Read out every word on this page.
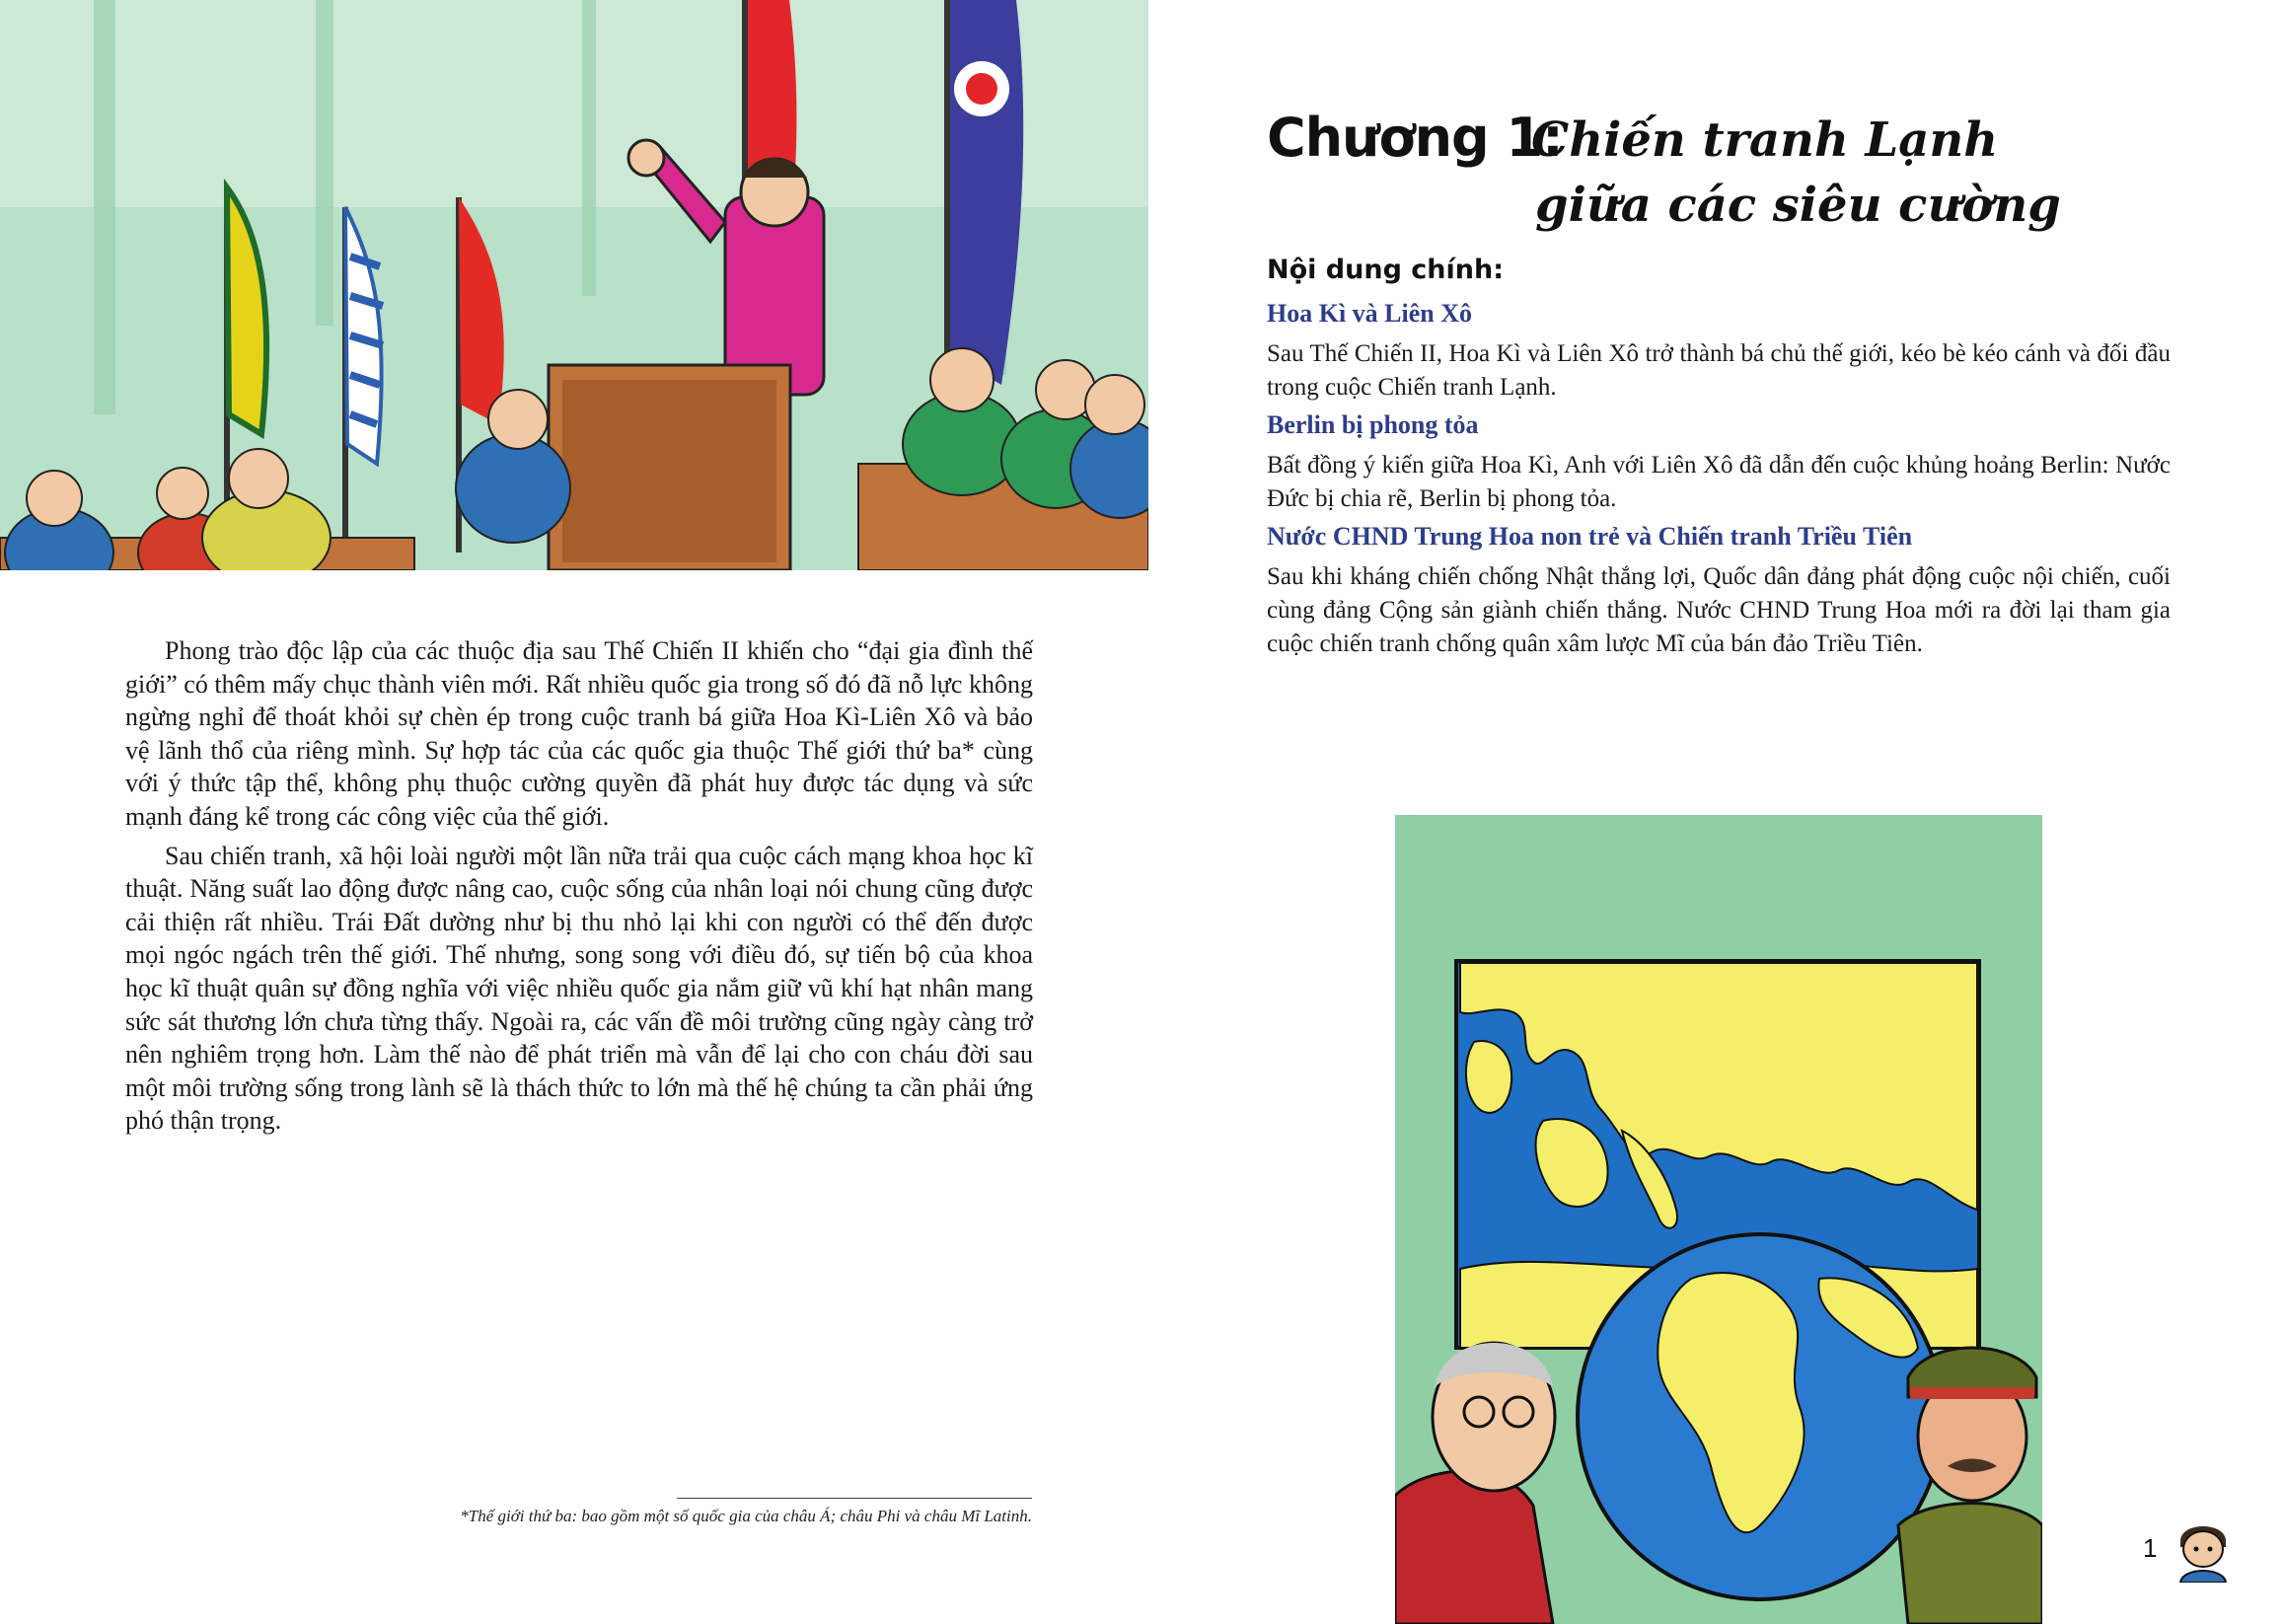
Phong trào độc lập của các thuộc địa sau Thế Chiến II khiến cho “đại gia đình thế giới” có thêm mấy chục thành viên mới. Rất nhiều quốc gia trong số đó đã nỗ lực không ngừng nghỉ để thoát khỏi sự chèn ép trong cuộc tranh bá giữa Hoa Kì-Liên Xô và bảo vệ lãnh thổ của riêng mình. Sự hợp tác của các quốc gia thuộc Thế giới thứ ba* cùng với ý thức tập thể, không phụ thuộc cường quyền đã phát huy được tác dụng và sức mạnh đáng kể trong các công việc của thế giới.

Sau chiến tranh, xã hội loài người một lần nữa trải qua cuộc cách mạng khoa học kĩ thuật. Năng suất lao động được nâng cao, cuộc sống của nhân loại nói chung cũng được cải thiện rất nhiều. Trái Đất dường như bị thu nhỏ lại khi con người có thể đến được mọi ngóc ngách trên thế giới. Thế nhưng, song song với điều đó, sự tiến bộ của khoa học kĩ thuật quân sự đồng nghĩa với việc nhiều quốc gia nắm giữ vũ khí hạt nhân mang sức sát thương lớn chưa từng thấy. Ngoài ra, các vấn đề môi trường cũng ngày càng trở nên nghiêm trọng hơn. Làm thế nào để phát triển mà vẫn để lại cho con cháu đời sau một môi trường sống trong lành sẽ là thách thức to lớn mà thế hệ chúng ta cần phải ứng phó thận trọng.

*Thế giới thứ ba: bao gồm một số quốc gia của châu Á; châu Phi và châu Mĩ Latinh.
Chương 1:
Chiến tranh Lạnh
giữa các siêu cường
Nội dung chính:
Hoa Kì và Liên Xô

Sau Thế Chiến II, Hoa Kì và Liên Xô trở thành bá chủ thế giới, kéo bè kéo cánh và đối đầu trong cuộc Chiến tranh Lạnh.

Berlin bị phong tỏa

Bất đồng ý kiến giữa Hoa Kì, Anh với Liên Xô đã dẫn đến cuộc khủng hoảng Berlin: Nước Đức bị chia rẽ, Berlin bị phong tỏa.

Nước CHND Trung Hoa non trẻ và Chiến tranh Triều Tiên

Sau khi kháng chiến chống Nhật thắng lợi, Quốc dân đảng phát động cuộc nội chiến, cuối cùng đảng Cộng sản giành chiến thắng. Nước CHND Trung Hoa mới ra đời lại tham gia cuộc chiến tranh chống quân xâm lược Mĩ của bán đảo Triều Tiên.

1
